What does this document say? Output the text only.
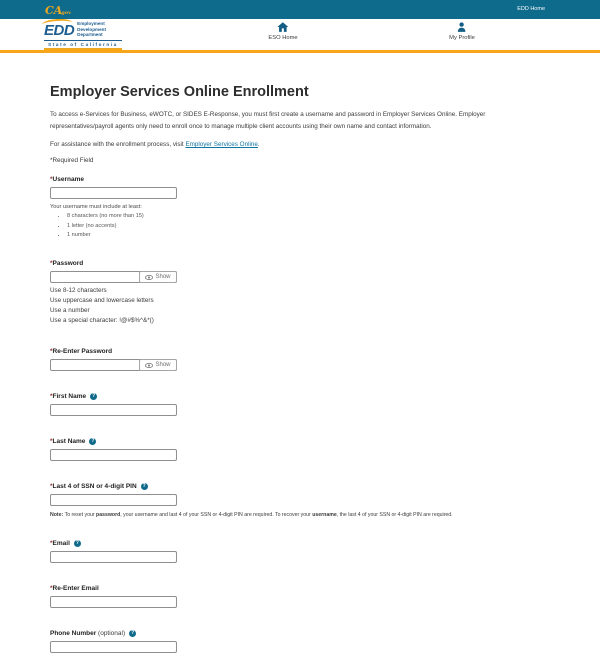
CAgov
EDD Home
EDD Employment
Development
Department
State of California
ESO Home	My Profile
Employer Services Online Enrollment

To access e-Services for Business, eWOTC, or SIDES E-Response, you must first create a username and password in Employer Services Online. Employer representatives/payroll agents only need to enroll once to manage multiple client accounts using their own name and contact information.

For assistance with the enrollment process, visit Employer Services Online.

*Required Field

*Username
Your username must include at least:
• 8 characters (no more than 15)
• 1 letter (no accents)
• 1 number
*Password
Show
Use 8-12 characters
Use uppercase and lowercase letters
Use a number
Use a special character: !@#$%^&*()
*Re-Enter Password
Show
*First Name ?
*Last Name ?
*Last 4 of SSN or 4-digit PIN ?

Note: To reset your password, your username and last 4 of your SSN or 4-digit PIN are required. To recover your username, the last 4 of your SSN or 4-digit PIN are required.

*Email ?
*Re-Enter Email
Phone Number (optional) ?
